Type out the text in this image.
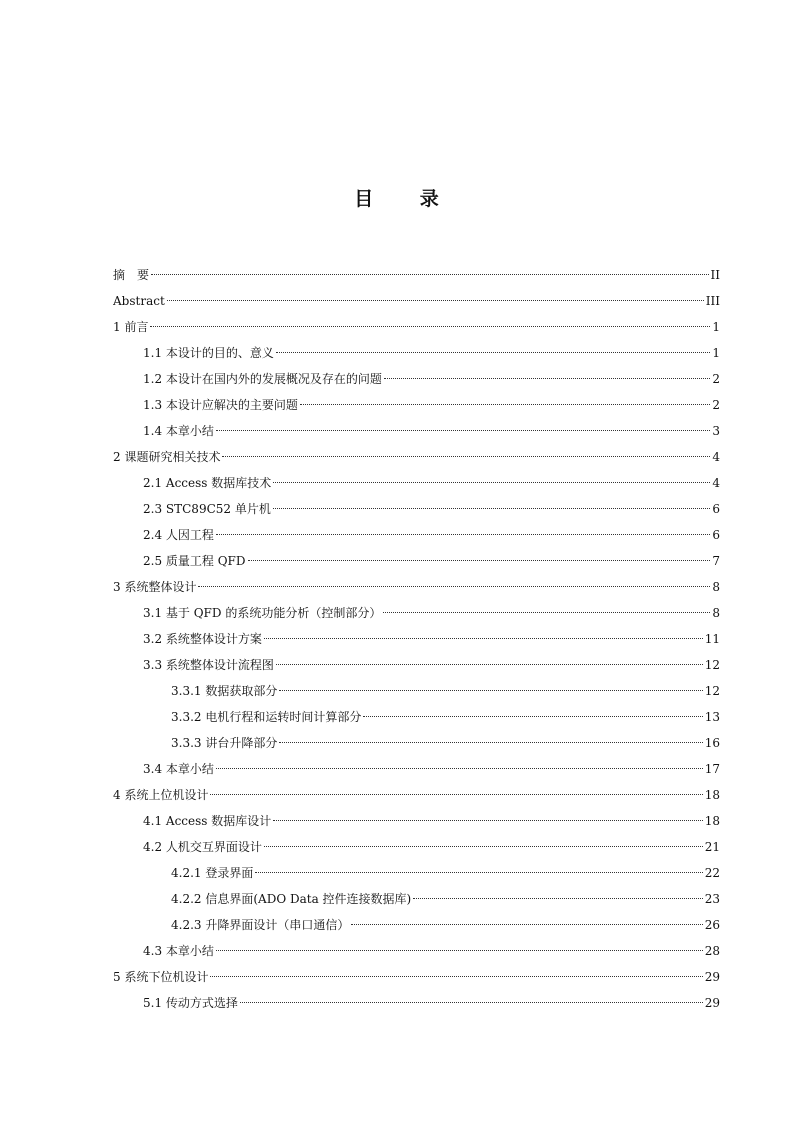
目 录
摘　要	II
Abstract	III
1 前言	1
1.1 本设计的目的、意义	1
1.2 本设计在国内外的发展概况及存在的问题	2
1.3 本设计应解决的主要问题	2
1.4 本章小结	3
2 课题研究相关技术	4
2.1 Access 数据库技术	4
2.3 STC89C52 单片机	6
2.4 人因工程	6
2.5 质量工程 QFD	7
3 系统整体设计	8
3.1 基于 QFD 的系统功能分析（控制部分）	8
3.2 系统整体设计方案	11
3.3 系统整体设计流程图	12
3.3.1 数据获取部分	12
3.3.2 电机行程和运转时间计算部分	13
3.3.3 讲台升降部分	16
3.4 本章小结	17
4 系统上位机设计	18
4.1 Access 数据库设计	18
4.2 人机交互界面设计	21
4.2.1 登录界面	22
4.2.2 信息界面(ADO Data 控件连接数据库)	23
4.2.3 升降界面设计（串口通信）	26
4.3 本章小结	28
5 系统下位机设计	29
5.1 传动方式选择	29
